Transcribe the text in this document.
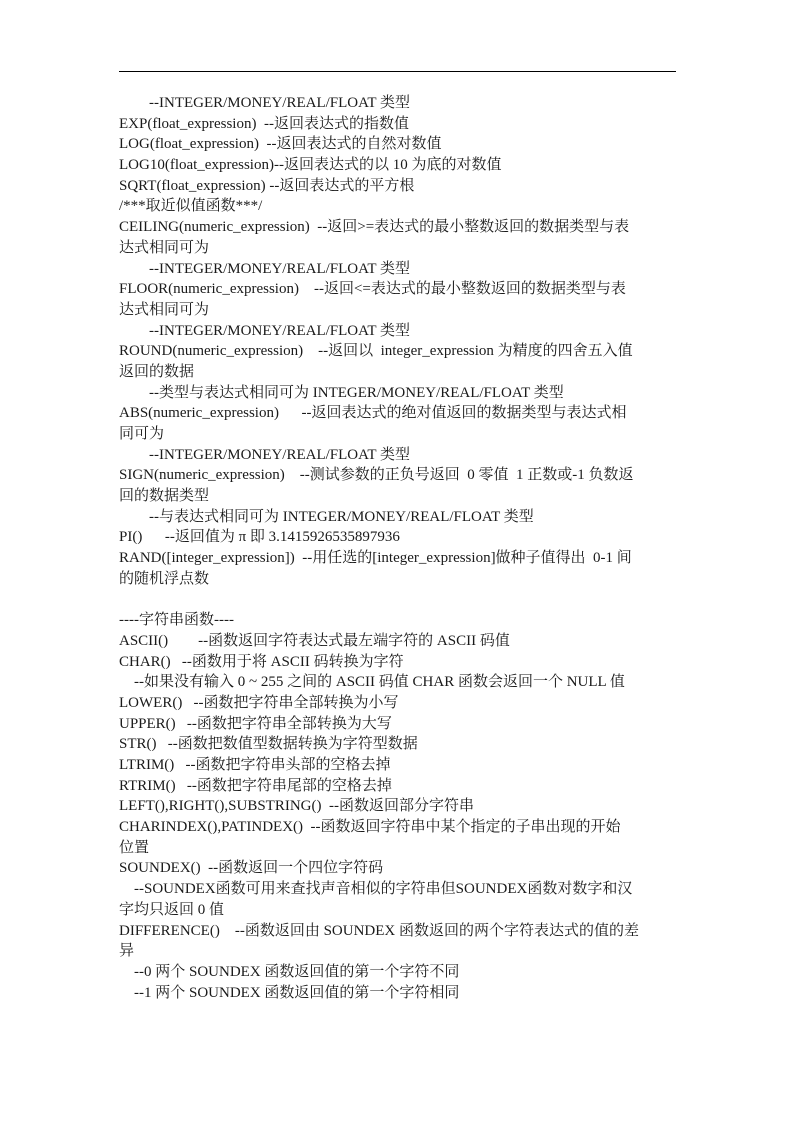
--INTEGER/MONEY/REAL/FLOAT 类型
EXP(float_expression)  --返回表达式的指数值
LOG(float_expression)  --返回表达式的自然对数值
LOG10(float_expression)--返回表达式的以 10 为底的对数值
SQRT(float_expression) --返回表达式的平方根
/***取近似值函数***/
CEILING(numeric_expression)  --返回>=表达式的最小整数返回的数据类型与表
达式相同可为
--INTEGER/MONEY/REAL/FLOAT 类型
FLOOR(numeric_expression)    --返回<=表达式的最小整数返回的数据类型与表
达式相同可为
--INTEGER/MONEY/REAL/FLOAT 类型
ROUND(numeric_expression)    --返回以  integer_expression 为精度的四舍五入值
返回的数据
--类型与表达式相同可为 INTEGER/MONEY/REAL/FLOAT 类型
ABS(numeric_expression)      --返回表达式的绝对值返回的数据类型与表达式相
同可为
--INTEGER/MONEY/REAL/FLOAT 类型
SIGN(numeric_expression)    --测试参数的正负号返回  0 零值  1 正数或-1 负数返
回的数据类型
--与表达式相同可为 INTEGER/MONEY/REAL/FLOAT 类型
PI()      --返回值为 π 即 3.1415926535897936
RAND([integer_expression])  --用任选的[integer_expression]做种子值得出  0-1 间
的随机浮点数
----字符串函数----
ASCII()        --函数返回字符表达式最左端字符的 ASCII 码值
CHAR()   --函数用于将 ASCII 码转换为字符
--如果没有输入 0 ~ 255 之间的 ASCII 码值 CHAR 函数会返回一个 NULL 值
LOWER()   --函数把字符串全部转换为小写
UPPER()   --函数把字符串全部转换为大写
STR()   --函数把数值型数据转换为字符型数据
LTRIM()   --函数把字符串头部的空格去掉
RTRIM()   --函数把字符串尾部的空格去掉
LEFT(),RIGHT(),SUBSTRING()  --函数返回部分字符串
CHARINDEX(),PATINDEX()  --函数返回字符串中某个指定的子串出现的开始
位置
SOUNDEX()  --函数返回一个四位字符码
--SOUNDEX函数可用来查找声音相似的字符串但SOUNDEX函数对数字和汉
字均只返回 0 值
DIFFERENCE()    --函数返回由 SOUNDEX 函数返回的两个字符表达式的值的差
异
--0 两个 SOUNDEX 函数返回值的第一个字符不同
--1 两个 SOUNDEX 函数返回值的第一个字符相同
